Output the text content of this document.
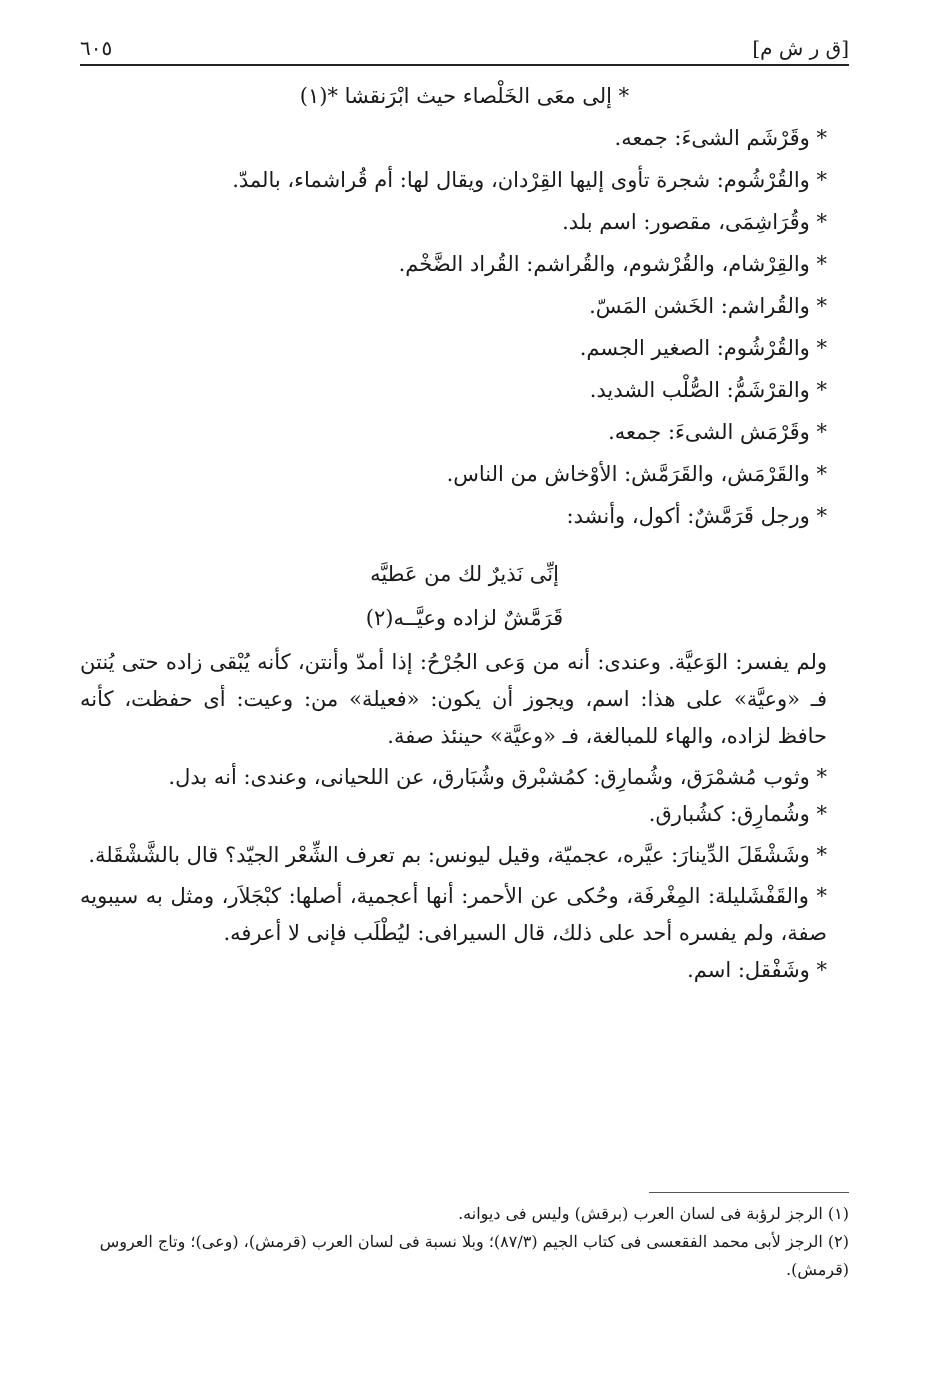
[ق ر ش م]
٦٠٥
* إلى معَى الخَلْصاء حيث ابْرَنقشا *(١)
* وقَرْشَم الشىءَ: جمعه.
* والقُرْشُوم: شجرة تأوى إليها القِرْدان، ويقال لها: أم قُراشماء، بالمدّ.
* وقُرَاشِمَى، مقصور: اسم بلد.
* والقِرْشام، والقُرْشوم، والقُراشم: القُراد الضَّخْم.
* والقُراشم: الخَشن المَسّ.
* والقُرْشُوم: الصغير الجسم.
* والقرْشَمُّ: الصُّلْب الشديد.
* وقَرْمَش الشىءَ: جمعه.
* والقَرْمَش، والقَرَمَّش: الأوْخاش من الناس.
* ورجل قَرَمَّشٌ: أكول، وأنشد:
إنِّى نَذيرٌ لك من عَطيَّه
قَرَمَّشٌ لزاده وعيَّــه(٢)
ولم يفسر: الوَعيَّة. وعندى: أنه من وَعى الجُرْحُ: إذا أمدّ وأنتن، كأنه يُبْقى زاده حتى يُنتن فـ «وعيَّة» على هذا: اسم، ويجوز أن يكون: «فعيلة» من: وعيت: أى حفظت، كأنه حافظ لزاده، والهاء للمبالغة، فـ «وعيَّة» حينئذ صفة.
* وثوب مُشمْرَق، وشُمارِق: كمُشبْرق وشُبَارق، عن اللحيانى، وعندى: أنه بدل.
* وشُمارِق: كشُبارق.
* وشَشْقَلَ الدِّينارَ: عيَّره، عجميّة، وقيل ليونس: بم تعرف الشِّعْر الجيّد؟ قال بالشَّشْقَلة.
* والقَفْشَليلة: المِغْرفَة، وحُكى عن الأحمر: أنها أعجمية، أصلها: كبْجَلاَر، ومثل به سيبويه صفة، ولم يفسره أحد على ذلك، قال السيرافى: ليُطْلَب فإنى لا أعرفه.
* وشَفْقل: اسم.
(١) الرجز لرؤبة فى لسان العرب (برقش) وليس فى ديوانه.
(٢) الرجز لأبى محمد الفقعسى فى كتاب الجيم (٨٧/٣)؛ وبلا نسبة فى لسان العرب (قرمش)، (وعى)؛ وتاج العروس (قرمش).
